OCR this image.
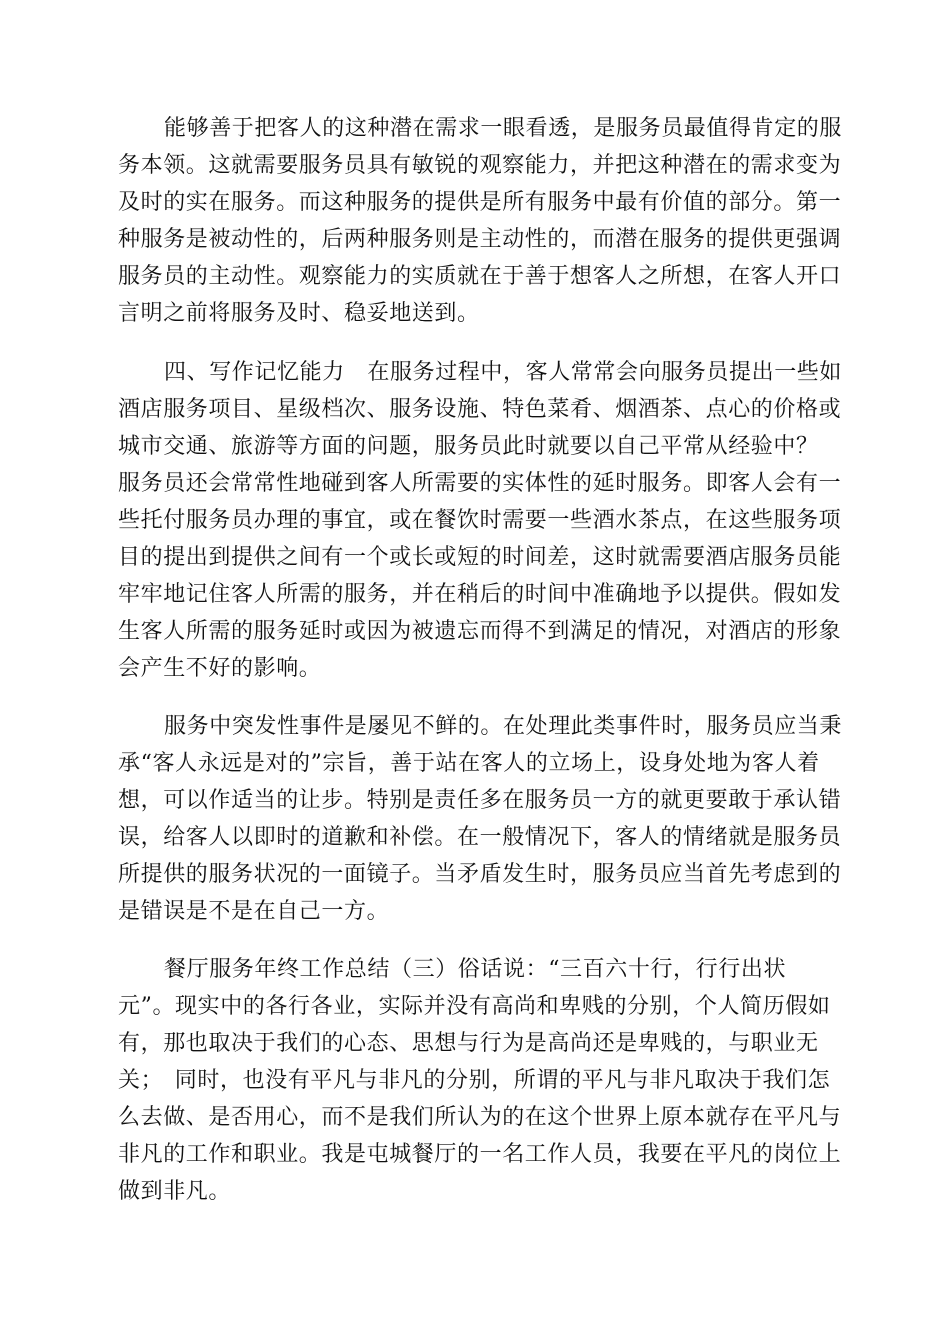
能够善于把客人的这种潜在需求一眼看透，是服务员最值得肯定的服
务本领。这就需要服务员具有敏锐的观察能力，并把这种潜在的需求变为
及时的实在服务。而这种服务的提供是所有服务中最有价值的部分。第一
种服务是被动性的，后两种服务则是主动性的，而潜在服务的提供更强调
服务员的主动性。观察能力的实质就在于善于想客人之所想，在客人开口
言明之前将服务及时、稳妥地送到。
四、写作记忆能力　在服务过程中，客人常常会向服务员提出一些如
酒店服务项目、星级档次、服务设施、特色菜肴、烟酒茶、点心的价格或
城市交通、旅游等方面的问题，服务员此时就要以自己平常从经验中？
服务员还会常常性地碰到客人所需要的实体性的延时服务。即客人会有一
些托付服务员办理的事宜，或在餐饮时需要一些酒水茶点，在这些服务项
目的提出到提供之间有一个或长或短的时间差，这时就需要酒店服务员能
牢牢地记住客人所需的服务，并在稍后的时间中准确地予以提供。假如发
生客人所需的服务延时或因为被遗忘而得不到满足的情况，对酒店的形象
会产生不好的影响。
服务中突发性事件是屡见不鲜的。在处理此类事件时，服务员应当秉
承“客人永远是对的”宗旨，善于站在客人的立场上，设身处地为客人着
想，可以作适当的让步。特别是责任多在服务员一方的就更要敢于承认错
误，给客人以即时的道歉和补偿。在一般情况下，客人的情绪就是服务员
所提供的服务状况的一面镜子。当矛盾发生时，服务员应当首先考虑到的
是错误是不是在自己一方。
餐厅服务年终工作总结（三）俗话说：“三百六十行，行行出状
元”。现实中的各行各业，实际并没有高尚和卑贱的分别，个人简历假如
有，那也取决于我们的心态、思想与行为是高尚还是卑贱的，与职业无
关；　同时，也没有平凡与非凡的分别，所谓的平凡与非凡取决于我们怎
么去做、是否用心，而不是我们所认为的在这个世界上原本就存在平凡与
非凡的工作和职业。我是屯城餐厅的一名工作人员，我要在平凡的岗位上
做到非凡。
